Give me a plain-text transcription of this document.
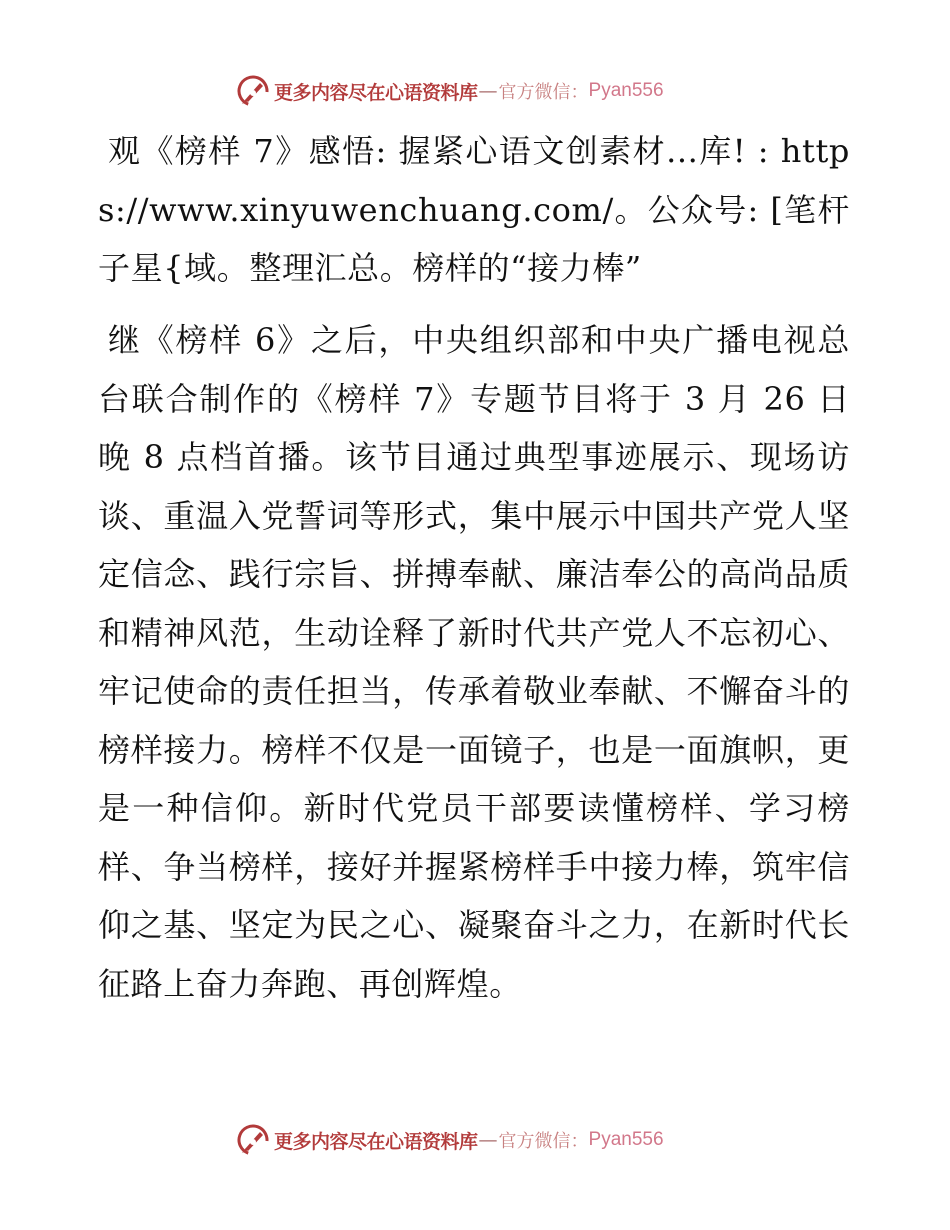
更多内容尽在心语资料库 — 官方微信： Pyan556

观《榜样 7》感悟: 握紧心语文创素材...库! : https://www.xinyuwenchuang.com/。公众号: [笔杆子星{域。整理汇总。榜样的“接力棒”

继《榜样 6》之后，中央组织部和中央广播电视总台联合制作的《榜样 7》专题节目将于 3 月 26 日晚 8 点档首播。该节目通过典型事迹展示、现场访谈、重温入党誓词等形式，集中展示中国共产党人坚定信念、践行宗旨、拼搏奉献、廉洁奉公的高尚品质和精神风范，生动诠释了新时代共产党人不忘初心、牢记使命的责任担当，传承着敬业奉献、不懈奋斗的榜样接力。榜样不仅是一面镜子，也是一面旗帜，更是一种信仰。新时代党员干部要读懂榜样、学习榜样、争当榜样，接好并握紧榜样手中接力棒，筑牢信仰之基、坚定为民之心、凝聚奋斗之力，在新时代长征路上奋力奔跑、再创辉煌。

更多内容尽在心语资料库 — 官方微信： Pyan556
